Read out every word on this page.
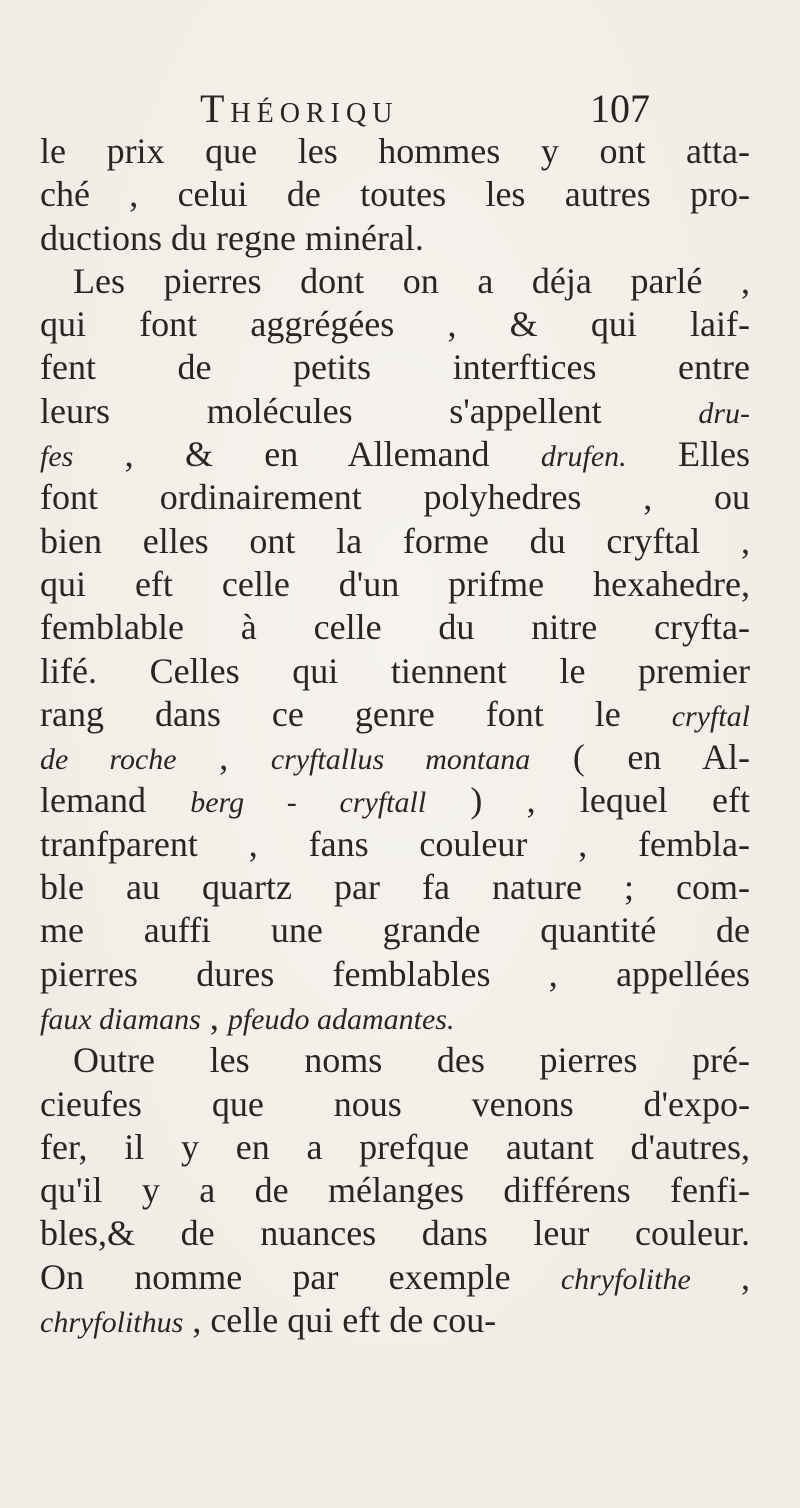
Théoriqu	107
le prix que les hommes y ont atta-
ché , celui de toutes les autres pro-
ductions du regne minéral.
Les pierres dont on a déja parlé ,
qui font aggrégées , & qui laif-
fent de petits interftices entre
leurs molécules s'appellent dru-
fes , & en Allemand drufen. Elles
font ordinairement polyhedres , ou
bien elles ont la forme du cryftal ,
qui eft celle d'un prifme hexahedre,
femblable à celle du nitre cryfta-
lifé. Celles qui tiennent le premier
rang dans ce genre font le cryftal
de roche , cryftallus montana ( en Al-
lemand berg - cryftall ) , lequel eft
tranfparent , fans couleur , fembla-
ble au quartz par fa nature ; com-
me auffi une grande quantité de
pierres dures femblables , appellées
faux diamans , pfeudo adamantes.
Outre les noms des pierres pré-
cieufes que nous venons d'expo-
fer, il y en a prefque autant d'autres,
qu'il y a de mélanges différens fenfi-
bles,& de nuances dans leur couleur.
On nomme par exemple chryfolithe ,
chryfolithus , celle qui eft de cou-
